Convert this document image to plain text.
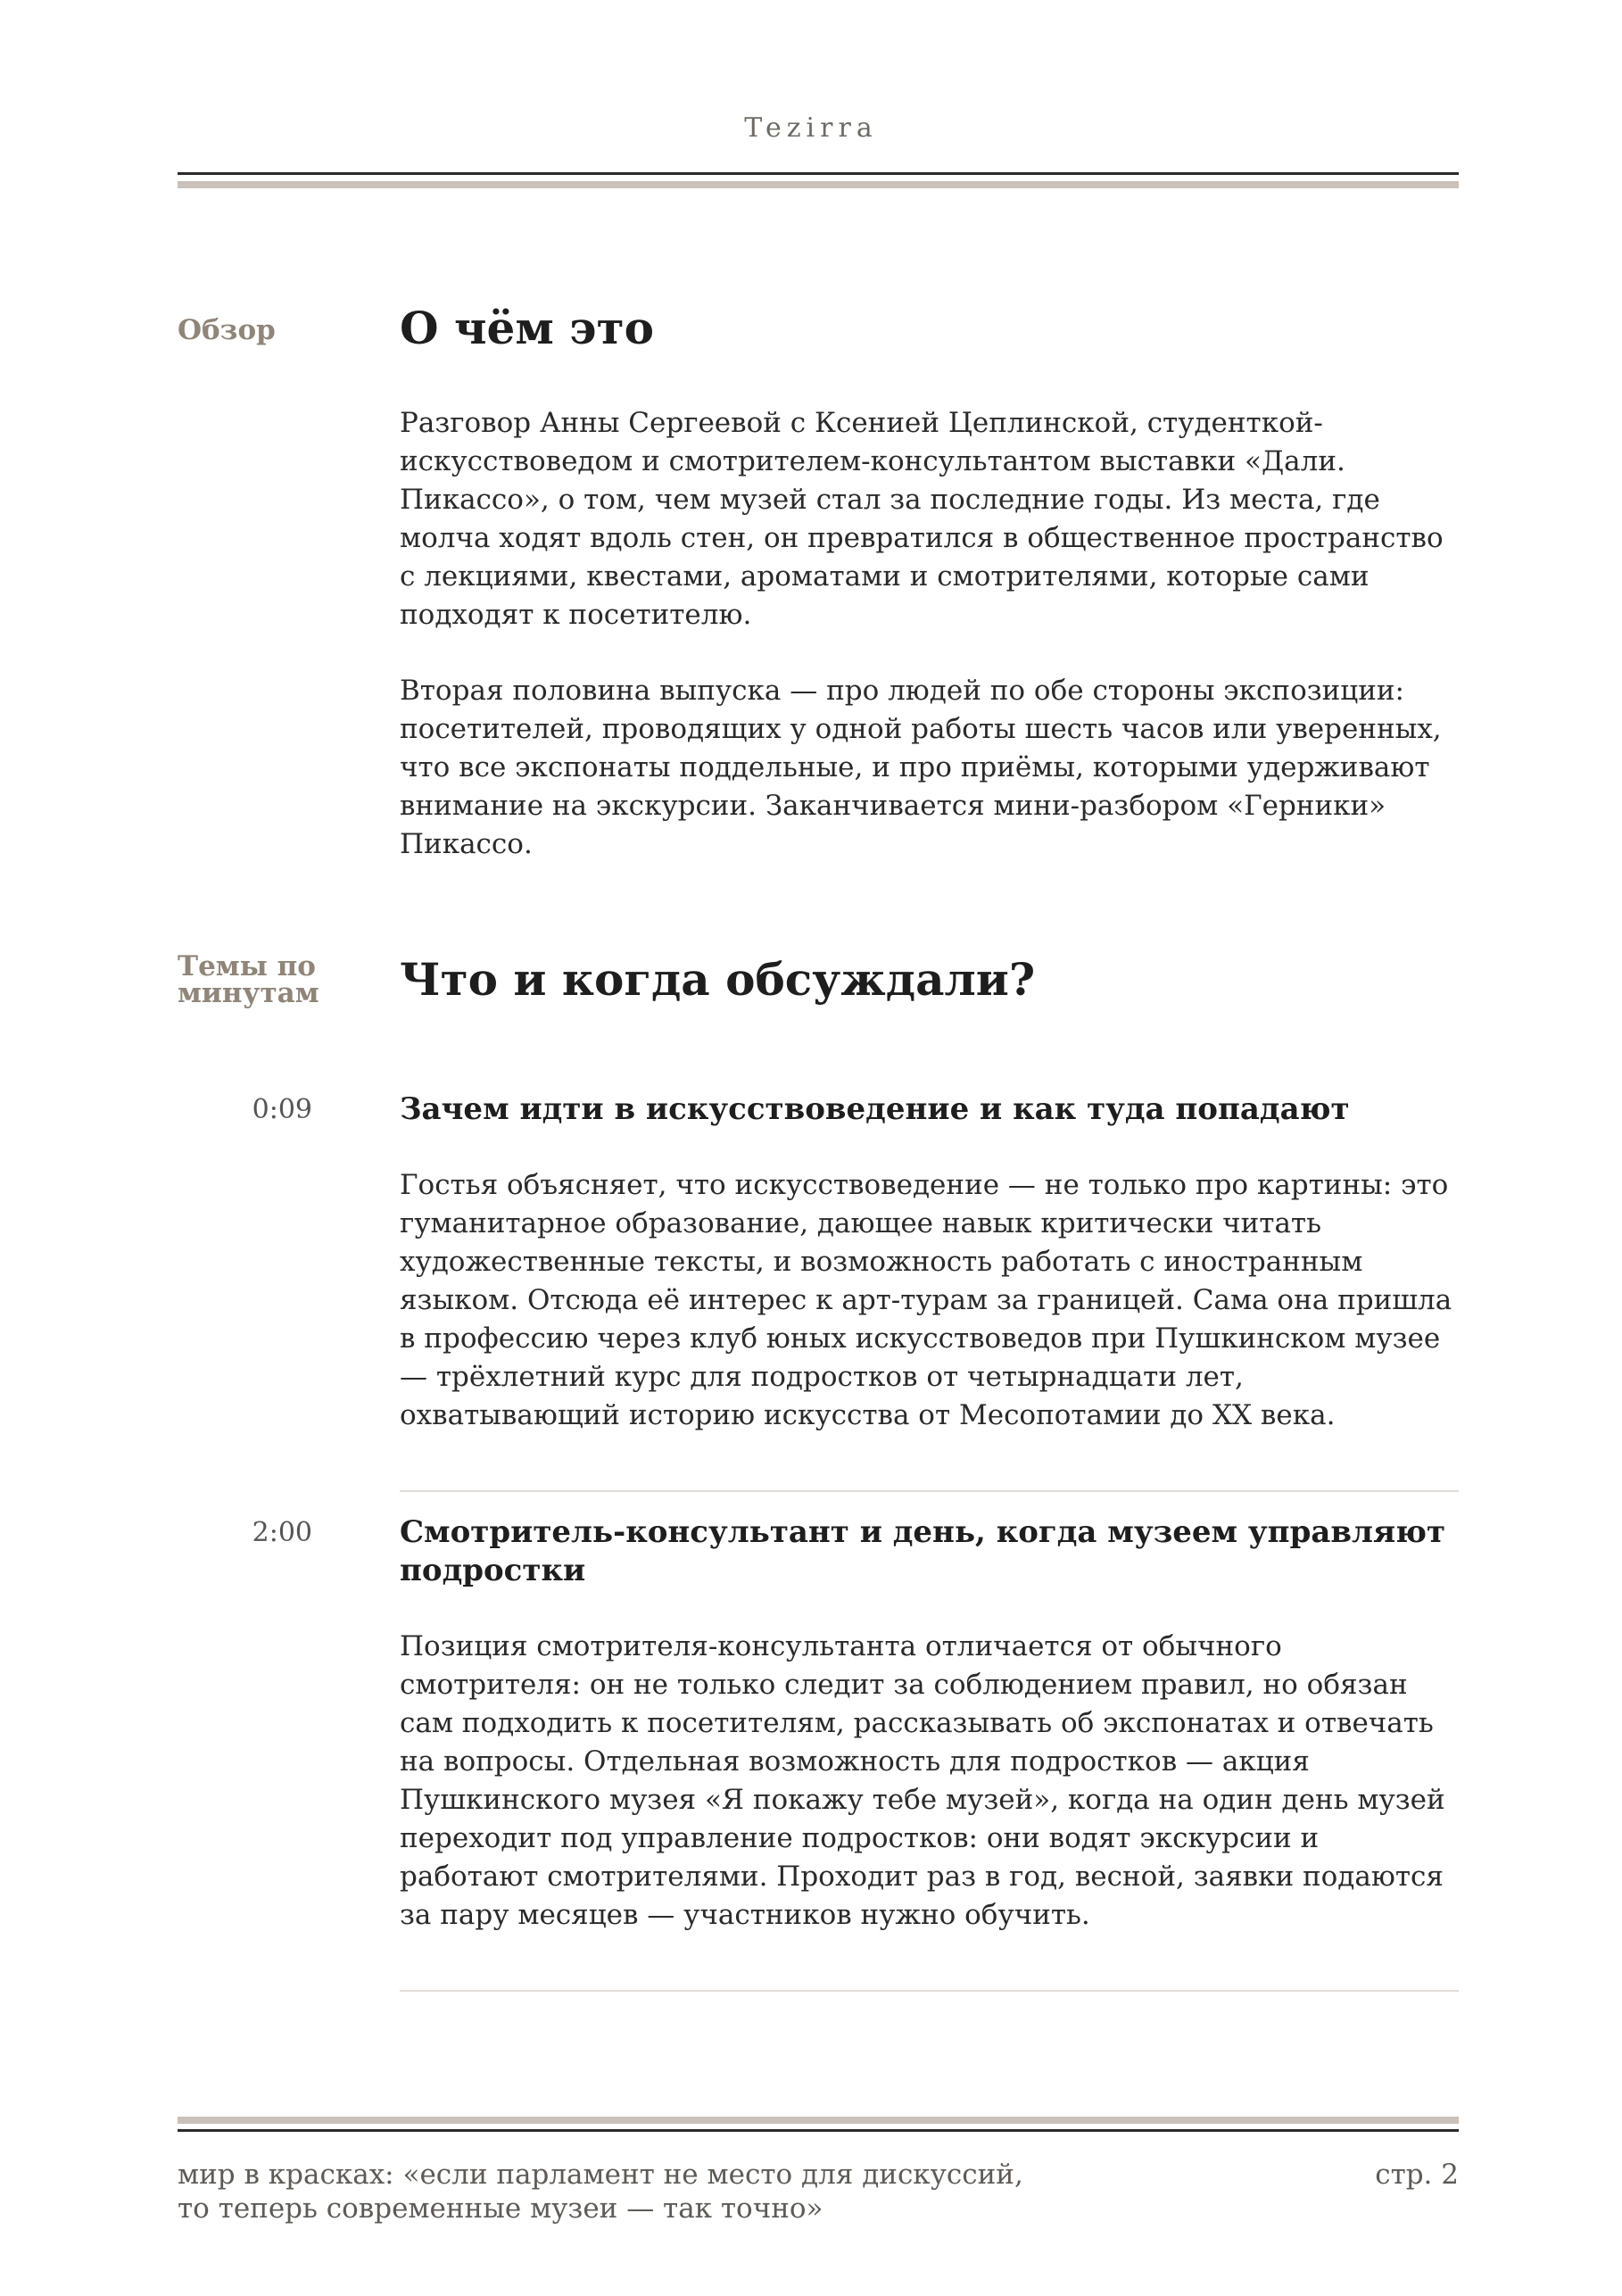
Tezirra
Обзор	О чём это

Разговор Анны Сергеевой с Ксенией Цеплинской, студенткой-искусствоведом и смотрителем-консультантом выставки «Дали. Пикассо», о том, чем музей стал за последние годы. Из места, где молча ходят вдоль стен, он превратился в общественное пространство с лекциями, квестами, ароматами и смотрителями, которые сами подходят к посетителю.

Вторая половина выпуска — про людей по обе стороны экспозиции: посетителей, проводящих у одной работы шесть часов или уверенных, что все экспонаты поддельные, и про приёмы, которыми удерживают внимание на экскурсии. Заканчивается мини-разбором «Герники» Пикассо.

Темы по минутам	Что и когда обсуждали?
0:09	Зачем идти в искусствоведение и как туда попадают

Гостья объясняет, что искусствоведение — не только про картины: это гуманитарное образование, дающее навык критически читать художественные тексты, и возможность работать с иностранным языком. Отсюда её интерес к арт-турам за границей. Сама она пришла в профессию через клуб юных искусствоведов при Пушкинском музее — трёхлетний курс для подростков от четырнадцати лет, охватывающий историю искусства от Месопотамии до XX века.

2:00	Смотритель-консультант и день, когда музеем управляют подростки

Позиция смотрителя-консультанта отличается от обычного смотрителя: он не только следит за соблюдением правил, но обязан сам подходить к посетителям, рассказывать об экспонатах и отвечать на вопросы. Отдельная возможность для подростков — акция Пушкинского музея «Я покажу тебе музей», когда на один день музей переходит под управление подростков: они водят экскурсии и работают смотрителями. Проходит раз в год, весной, заявки подаются за пару месяцев — участников нужно обучить.

мир в красках: «если парламент не место для дискуссий,
то теперь современные музеи — так точно»
стр. 2
